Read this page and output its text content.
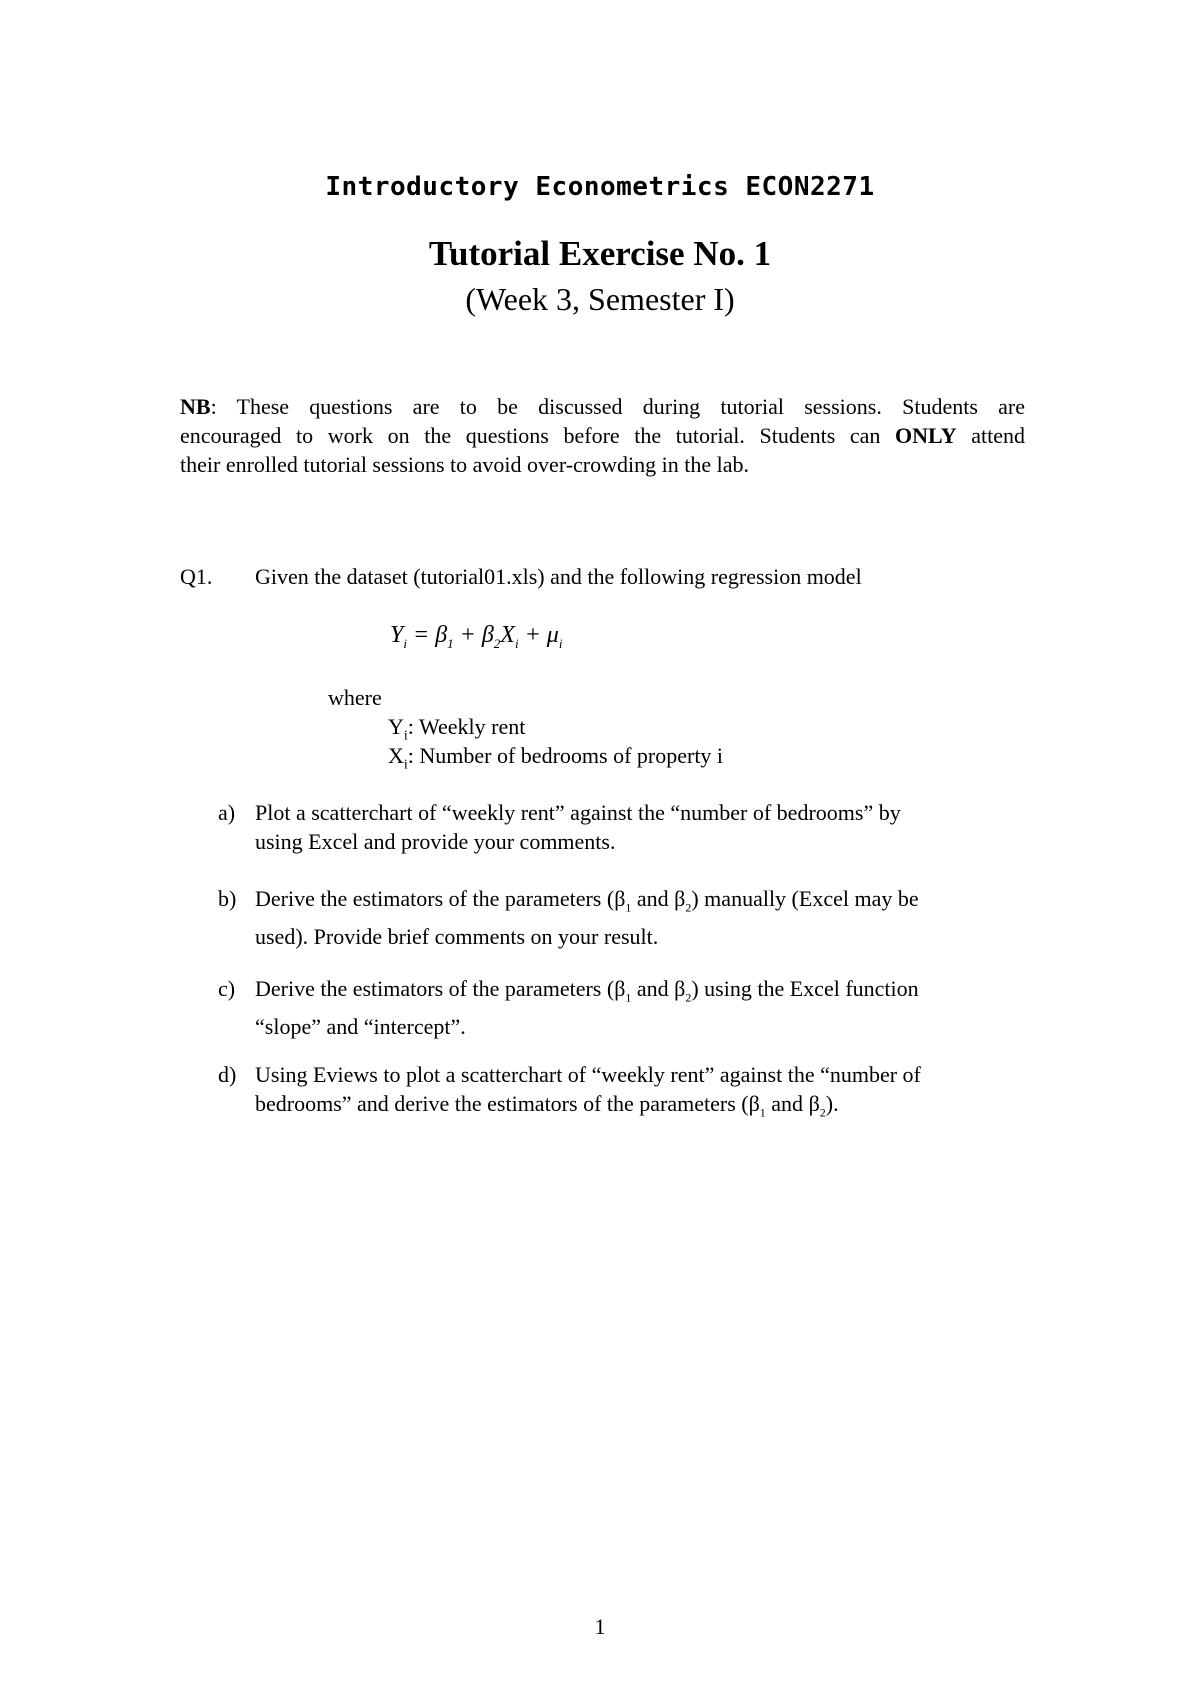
Introductory Econometrics ECON2271
Tutorial Exercise No. 1
(Week 3, Semester I)
NB: These questions are to be discussed during tutorial sessions. Students are
encouraged to work on the questions before the tutorial. Students can ONLY attend
their enrolled tutorial sessions to avoid over-crowding in the lab.
Q1. Given the dataset (tutorial01.xls) and the following regression model
$Y_i = \beta_1 + \beta_2X_i + \mu_i$
where
$Y_i$: Weekly rent
$X_i$: Number of bedrooms of property i
a) Plot a scatterchart of “weekly rent” against the “number of bedrooms” by
using Excel and provide your comments.
b) Derive the estimators of the parameters ($\beta_1$ and $\beta_2$) manually (Excel may be
used). Provide brief comments on your result.
c) Derive the estimators of the parameters ($\beta_1$ and $\beta_2$) using the Excel function
“slope” and “intercept”.
d) Using Eviews to plot a scatterchart of “weekly rent” against the “number of
bedrooms” and derive the estimators of the parameters ($\beta_1$ and $\beta_2$).
1
